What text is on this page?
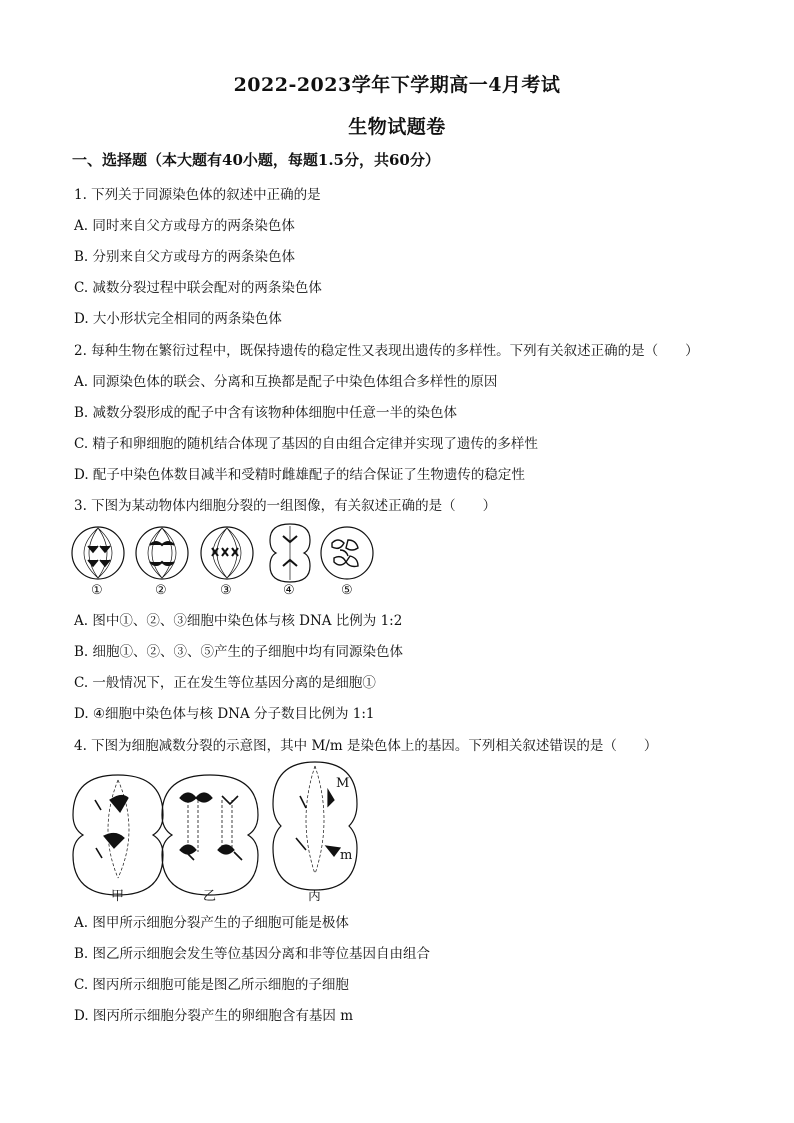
2022-2023学年下学期高一4月考试
生物试题卷
一、选择题（本大题有40小题，每题1.5分，共60分）
1. 下列关于同源染色体的叙述中正确的是
A. 同时来自父方或母方的两条染色体
B. 分别来自父方或母方的两条染色体
C. 减数分裂过程中联会配对的两条染色体
D. 大小形状完全相同的两条染色体
2. 每种生物在繁衍过程中，既保持遗传的稳定性又表现出遗传的多样性。下列有关叙述正确的是（　　）
A. 同源染色体的联会、分离和互换都是配子中染色体组合多样性的原因
B. 减数分裂形成的配子中含有该物种体细胞中任意一半的染色体
C. 精子和卵细胞的随机结合体现了基因的自由组合定律并实现了遗传的多样性
D. 配子中染色体数目减半和受精时雌雄配子的结合保证了生物遗传的稳定性
3. 下图为某动物体内细胞分裂的一组图像，有关叙述正确的是（　　）
①	②	③	④	⑤
A. 图中①、②、③细胞中染色体与核 DNA 比例为 1:2
B. 细胞①、②、③、⑤产生的子细胞中均有同源染色体
C. 一般情况下，正在发生等位基因分离的是细胞①
D. ④细胞中染色体与核 DNA 分子数目比例为 1:1
4. 下图为细胞减数分裂的示意图，其中 M/m 是染色体上的基因。下列相关叙述错误的是（　　）
M
m
甲	乙	丙
A. 图甲所示细胞分裂产生的子细胞可能是极体
B. 图乙所示细胞会发生等位基因分离和非等位基因自由组合
C. 图丙所示细胞可能是图乙所示细胞的子细胞
D. 图丙所示细胞分裂产生的卵细胞含有基因 m
